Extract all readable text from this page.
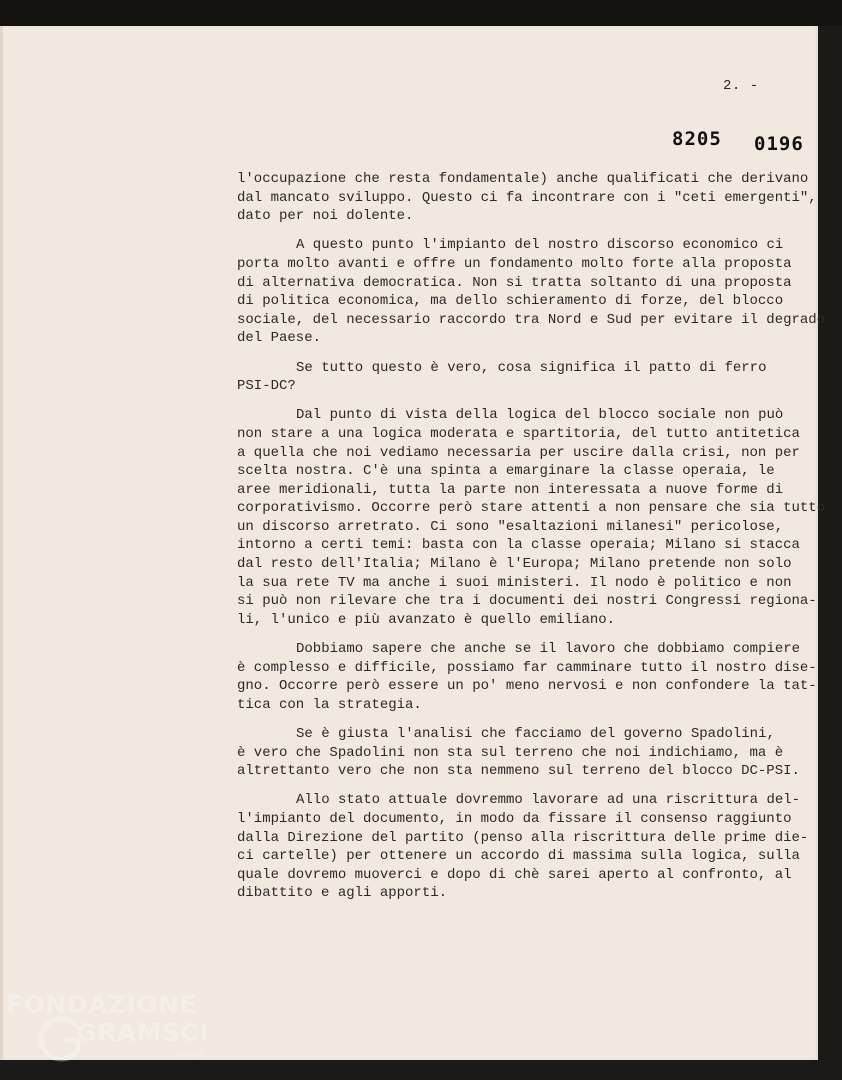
2. -
8205 0196
l'occupazione che resta fondamentale) anche qualificati che derivano
dal mancato sviluppo. Questo ci fa incontrare con i "ceti emergenti",
dato per noi dolente.
A questo punto l'impianto del nostro discorso economico ci
porta molto avanti e offre un fondamento molto forte alla proposta
di alternativa democratica. Non si tratta soltanto di una proposta
di politica economica, ma dello schieramento di forze, del blocco
sociale, del necessario raccordo tra Nord e Sud per evitare il degrado
del Paese.
Se tutto questo è vero, cosa significa il patto di ferro
PSI-DC?
Dal punto di vista della logica del blocco sociale non può
non stare a una logica moderata e spartitoria, del tutto antitetica
a quella che noi vediamo necessaria per uscire dalla crisi, non per
scelta nostra. C'è una spinta a emarginare la classe operaia, le
aree meridionali, tutta la parte non interessata a nuove forme di
corporativismo. Occorre però stare attenti a non pensare che sia tutto
un discorso arretrato. Ci sono "esaltazioni milanesi" pericolose,
intorno a certi temi: basta con la classe operaia; Milano si stacca
dal resto dell'Italia; Milano è l'Europa; Milano pretende non solo
la sua rete TV ma anche i suoi ministeri. Il nodo è politico e non
si può non rilevare che tra i documenti dei nostri Congressi regiona-
li, l'unico e più avanzato è quello emiliano.
Dobbiamo sapere che anche se il lavoro che dobbiamo compiere
è complesso e difficile, possiamo far camminare tutto il nostro dise-
gno. Occorre però essere un po' meno nervosi e non confondere la tat-
tica con la strategia.
Se è giusta l'analisi che facciamo del governo Spadolini,
è vero che Spadolini non sta sul terreno che noi indichiamo, ma è
altrettanto vero che non sta nemmeno sul terreno del blocco DC-PSI.
Allo stato attuale dovremmo lavorare ad una riscrittura del-
l'impianto del documento, in modo da fissare il consenso raggiunto
dalla Direzione del partito (penso alla riscrittura delle prime die-
ci cartelle) per ottenere un accordo di massima sulla logica, sulla
quale dovremo muoverci e dopo di chè sarei aperto al confronto, al
dibattito e agli apporti.
FONDAZIONE
GRAMSCI
onlus
